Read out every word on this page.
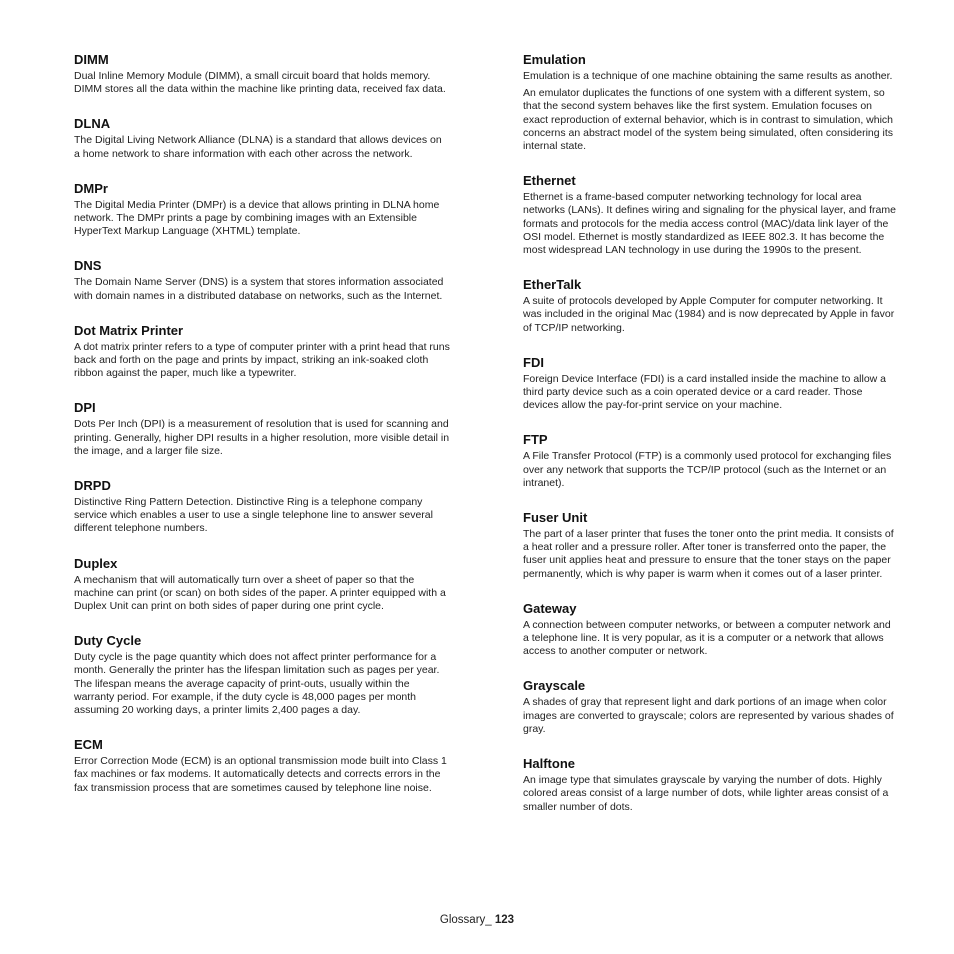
DIMM
Dual Inline Memory Module (DIMM), a small circuit board that holds memory. DIMM stores all the data within the machine like printing data, received fax data.
DLNA
The Digital Living Network Alliance (DLNA) is a standard that allows devices on a home network to share information with each other across the network.
DMPr
The Digital Media Printer (DMPr) is a device that allows printing in DLNA home network. The DMPr prints a page by combining images with an Extensible HyperText Markup Language (XHTML) template.
DNS
The Domain Name Server (DNS) is a system that stores information associated with domain names in a distributed database on networks, such as the Internet.
Dot Matrix Printer
A dot matrix printer refers to a type of computer printer with a print head that runs back and forth on the page and prints by impact, striking an ink-soaked cloth ribbon against the paper, much like a typewriter.
DPI
Dots Per Inch (DPI) is a measurement of resolution that is used for scanning and printing. Generally, higher DPI results in a higher resolution, more visible detail in the image, and a larger file size.
DRPD
Distinctive Ring Pattern Detection. Distinctive Ring is a telephone company service which enables a user to use a single telephone line to answer several different telephone numbers.
Duplex
A mechanism that will automatically turn over a sheet of paper so that the machine can print (or scan) on both sides of the paper. A printer equipped with a Duplex Unit can print on both sides of paper during one print cycle.
Duty Cycle
Duty cycle is the page quantity which does not affect printer performance for a month. Generally the printer has the lifespan limitation such as pages per year. The lifespan means the average capacity of print-outs, usually within the warranty period. For example, if the duty cycle is 48,000 pages per month assuming 20 working days, a printer limits 2,400 pages a day.
ECM
Error Correction Mode (ECM) is an optional transmission mode built into Class 1 fax machines or fax modems. It automatically detects and corrects errors in the fax transmission process that are sometimes caused by telephone line noise.
Emulation
Emulation is a technique of one machine obtaining the same results as another.
An emulator duplicates the functions of one system with a different system, so that the second system behaves like the first system. Emulation focuses on exact reproduction of external behavior, which is in contrast to simulation, which concerns an abstract model of the system being simulated, often considering its internal state.
Ethernet
Ethernet is a frame-based computer networking technology for local area networks (LANs). It defines wiring and signaling for the physical layer, and frame formats and protocols for the media access control (MAC)/data link layer of the OSI model. Ethernet is mostly standardized as IEEE 802.3. It has become the most widespread LAN technology in use during the 1990s to the present.
EtherTalk
A suite of protocols developed by Apple Computer for computer networking. It was included in the original Mac (1984) and is now deprecated by Apple in favor of TCP/IP networking.
FDI
Foreign Device Interface (FDI) is a card installed inside the machine to allow a third party device such as a coin operated device or a card reader. Those devices allow the pay-for-print service on your machine.
FTP
A File Transfer Protocol (FTP) is a commonly used protocol for exchanging files over any network that supports the TCP/IP protocol (such as the Internet or an intranet).
Fuser Unit
The part of a laser printer that fuses the toner onto the print media. It consists of a heat roller and a pressure roller. After toner is transferred onto the paper, the fuser unit applies heat and pressure to ensure that the toner stays on the paper permanently, which is why paper is warm when it comes out of a laser printer.
Gateway
A connection between computer networks, or between a computer network and a telephone line. It is very popular, as it is a computer or a network that allows access to another computer or network.
Grayscale
A shades of gray that represent light and dark portions of an image when color images are converted to grayscale; colors are represented by various shades of gray.
Halftone
An image type that simulates grayscale by varying the number of dots. Highly colored areas consist of a large number of dots, while lighter areas consist of a smaller number of dots.
Glossary_ 123
